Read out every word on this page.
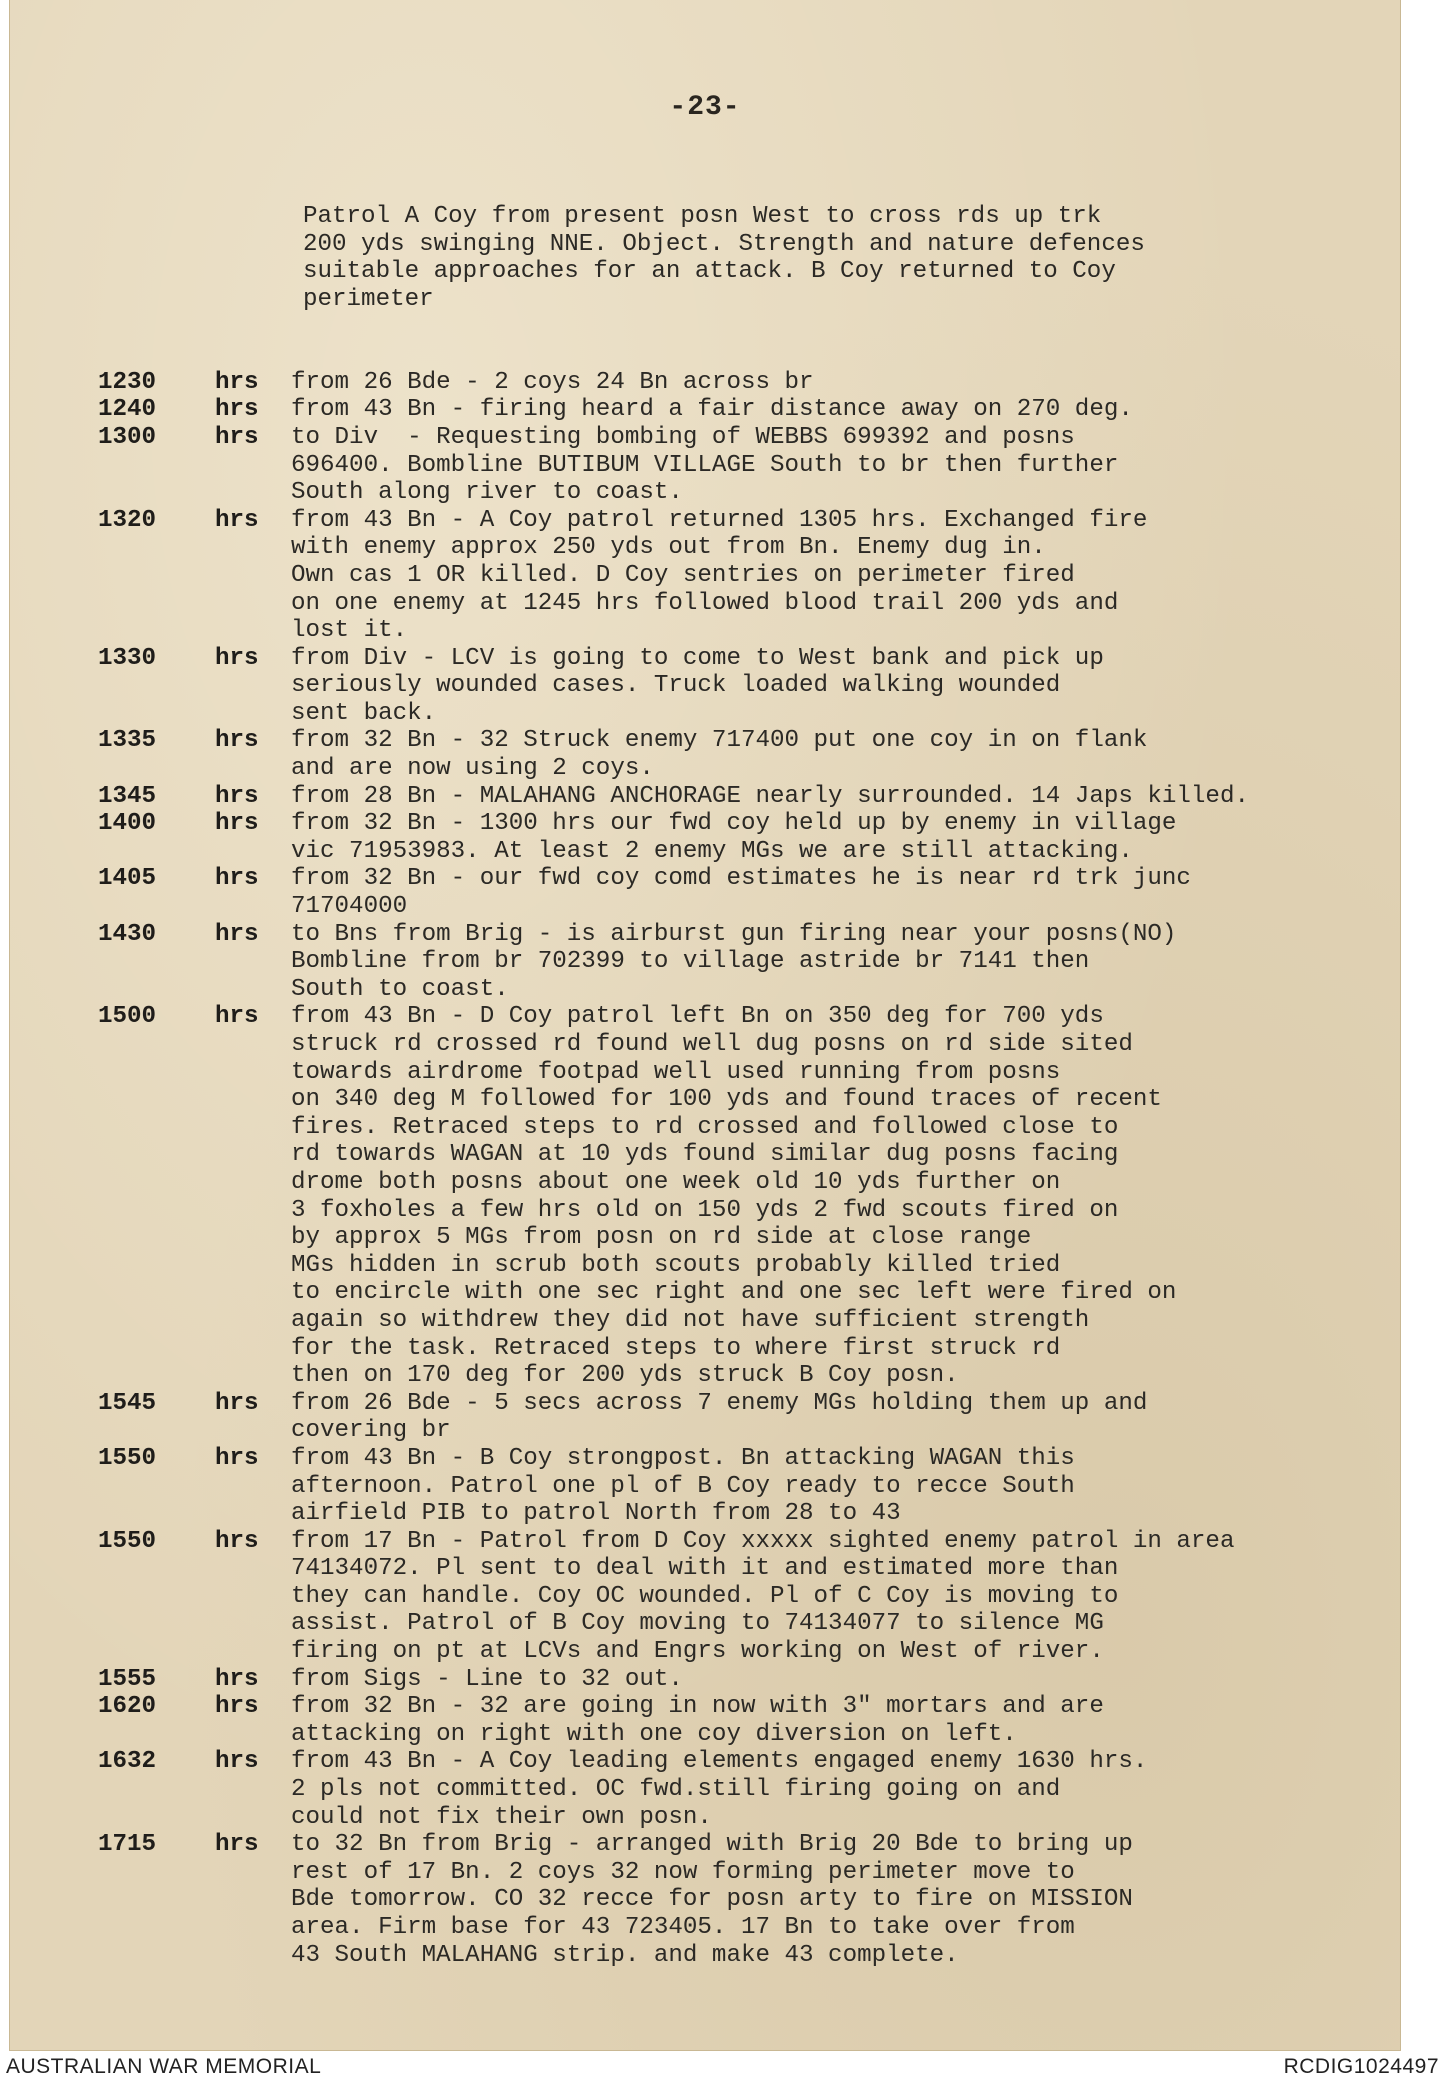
-23-

Patrol A Coy from present posn West to cross rds up trk
200 yds swinging NNE. Object. Strength and nature defences
suitable approaches for an attack. B Coy returned to Coy
perimeter

1230 hrs from 26 Bde - 2 coys 24 Bn across br
1240 hrs from 43 Bn - firing heard a fair distance away on 270 deg.
1300 hrs to Div  - Requesting bombing of WEBBS 699392 and posns
696400. Bombline BUTIBUM VILLAGE South to br then further
South along river to coast.
1320 hrs from 43 Bn - A Coy patrol returned 1305 hrs. Exchanged fire
with enemy approx 250 yds out from Bn. Enemy dug in.
Own cas 1 OR killed. D Coy sentries on perimeter fired
on one enemy at 1245 hrs followed blood trail 200 yds and
lost it.
1330 hrs from Div - LCV is going to come to West bank and pick up
seriously wounded cases. Truck loaded walking wounded
sent back.
1335 hrs from 32 Bn - 32 Struck enemy 717400 put one coy in on flank
and are now using 2 coys.
1345 hrs from 28 Bn - MALAHANG ANCHORAGE nearly surrounded. 14 Japs killed.
1400 hrs from 32 Bn - 1300 hrs our fwd coy held up by enemy in village
vic 71953983. At least 2 enemy MGs we are still attacking.
1405 hrs from 32 Bn - our fwd coy comd estimates he is near rd trk junc
71704000
1430 hrs to Bns from Brig - is airburst gun firing near your posns(NO)
Bombline from br 702399 to village astride br 7141 then
South to coast.
1500 hrs from 43 Bn - D Coy patrol left Bn on 350 deg for 700 yds
struck rd crossed rd found well dug posns on rd side sited
towards airdrome footpad well used running from posns
on 340 deg M followed for 100 yds and found traces of recent
fires. Retraced steps to rd crossed and followed close to
rd towards WAGAN at 10 yds found similar dug posns facing
drome both posns about one week old 10 yds further on
3 foxholes a few hrs old on 150 yds 2 fwd scouts fired on
by approx 5 MGs from posn on rd side at close range
MGs hidden in scrub both scouts probably killed tried
to encircle with one sec right and one sec left were fired on
again so withdrew they did not have sufficient strength
for the task. Retraced steps to where first struck rd
then on 170 deg for 200 yds struck B Coy posn.
1545 hrs from 26 Bde - 5 secs across 7 enemy MGs holding them up and
covering br
1550 hrs from 43 Bn - B Coy strongpost. Bn attacking WAGAN this
afternoon. Patrol one pl of B Coy ready to recce South
airfield PIB to patrol North from 28 to 43
1550 hrs from 17 Bn - Patrol from D Coy xxxxx sighted enemy patrol in area
74134072. Pl sent to deal with it and estimated more than
they can handle. Coy OC wounded. Pl of C Coy is moving to
assist. Patrol of B Coy moving to 74134077 to silence MG
firing on pt at LCVs and Engrs working on West of river.
1555 hrs from Sigs - Line to 32 out.
1620 hrs from 32 Bn - 32 are going in now with 3" mortars and are
attacking on right with one coy diversion on left.
1632 hrs from 43 Bn - A Coy leading elements engaged enemy 1630 hrs.
2 pls not committed. OC fwd.still firing going on and
could not fix their own posn.
1715 hrs to 32 Bn from Brig - arranged with Brig 20 Bde to bring up
rest of 17 Bn. 2 coys 32 now forming perimeter move to
Bde tomorrow. CO 32 recce for posn arty to fire on MISSION
area. Firm base for 43 723405. 17 Bn to take over from
43 South MALAHANG strip. and make 43 complete.

AUSTRALIAN WAR MEMORIAL	RCDIG1024497
